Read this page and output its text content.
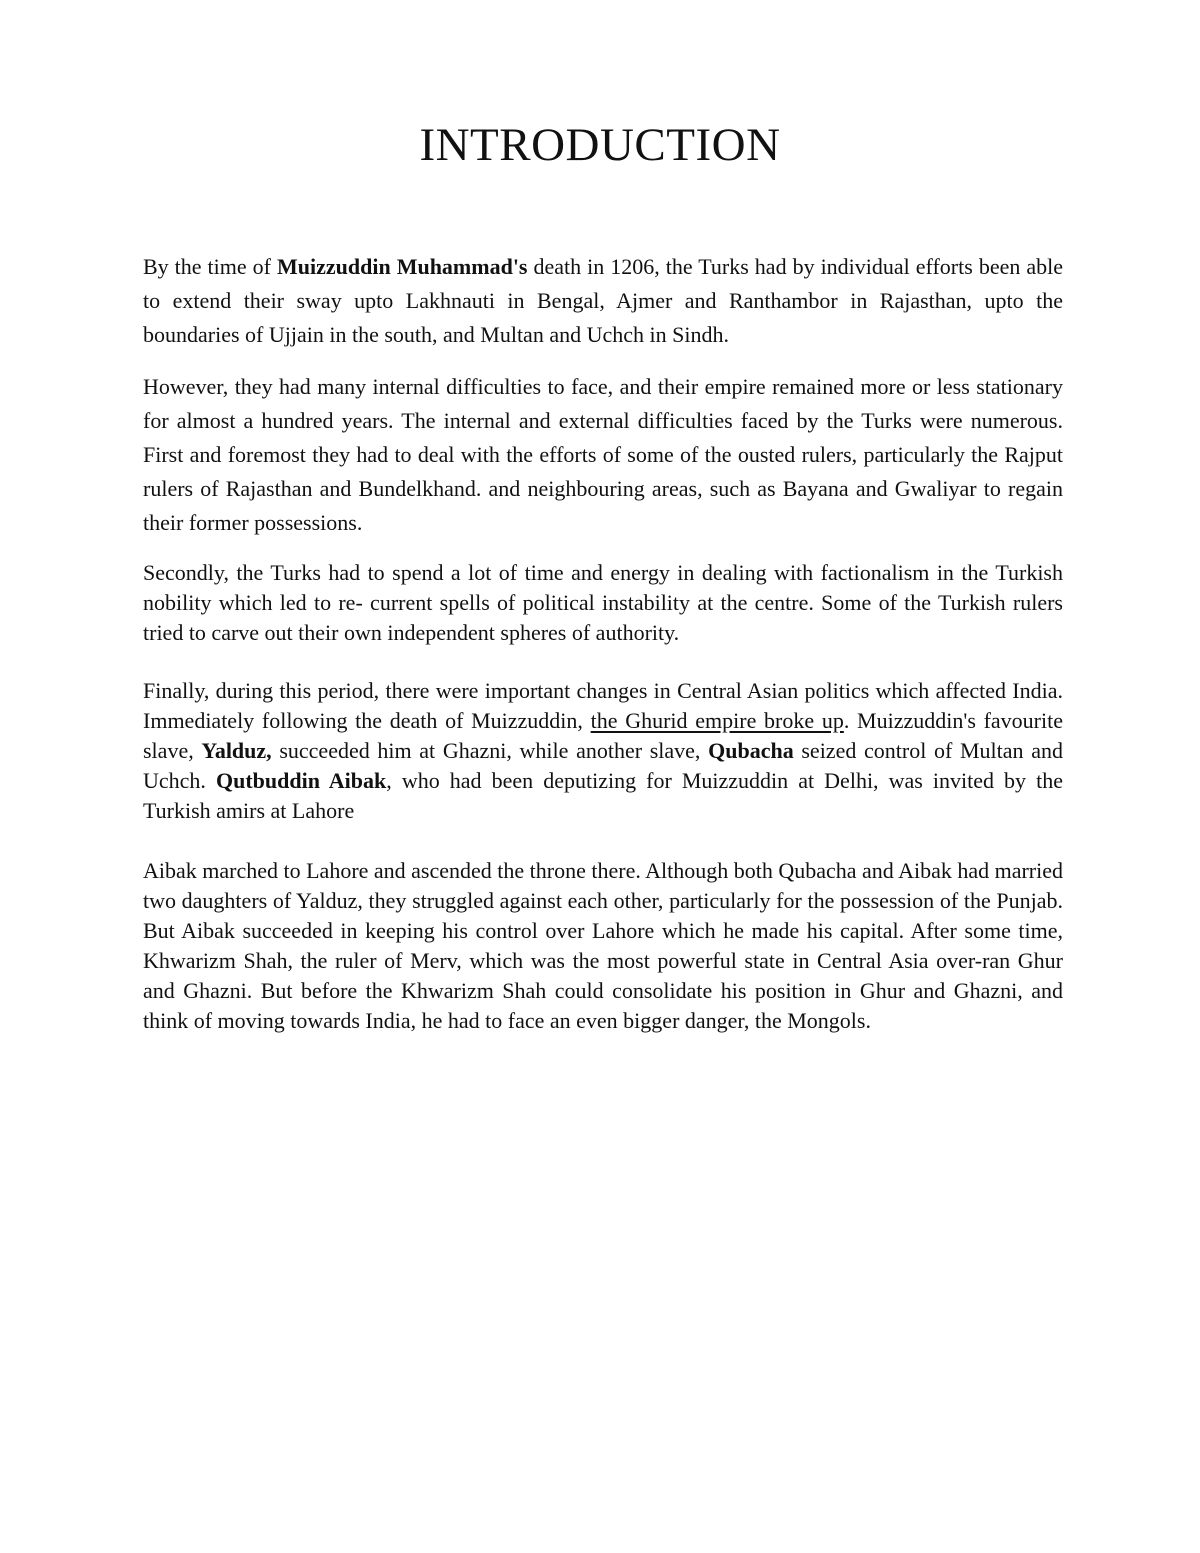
INTRODUCTION

By the time of Muizzuddin Muhammad's death in 1206, the Turks had by individual efforts been able to extend their sway upto Lakhnauti in Bengal, Ajmer and Ranthambor in Rajasthan, upto the boundaries of Ujjain in the south, and Multan and Uchch in Sindh.

However, they had many internal difficulties to face, and their empire remained more or less stationary for almost a hundred years. The internal and external difficulties faced by the Turks were numerous. First and foremost they had to deal with the efforts of some of the ousted rulers, particularly the Rajput rulers of Rajasthan and Bundelkhand. and neighbouring areas, such as Bayana and Gwaliyar to regain their former possessions.

Secondly, the Turks had to spend a lot of time and energy in dealing with factionalism in the Turkish nobility which led to re- current spells of political instability at the centre. Some of the Turkish rulers tried to carve out their own independent spheres of authority.

Finally, during this period, there were important changes in Central Asian politics which affected India. Immediately following the death of Muizzuddin, the Ghurid empire broke up. Muizzuddin's favourite slave, Yalduz, succeeded him at Ghazni, while another slave, Qubacha seized control of Multan and Uchch. Qutbuddin Aibak, who had been deputizing for Muizzuddin at Delhi, was invited by the Turkish amirs at Lahore

Aibak marched to Lahore and ascended the throne there. Although both Qubacha and Aibak had married two daughters of Yalduz, they struggled against each other, particularly for the possession of the Punjab. But Aibak succeeded in keeping his control over Lahore which he made his capital. After some time, Khwarizm Shah, the ruler of Merv, which was the most powerful state in Central Asia over-ran Ghur and Ghazni. But before the Khwarizm Shah could consolidate his position in Ghur and Ghazni, and think of moving towards India, he had to face an even bigger danger, the Mongols.
